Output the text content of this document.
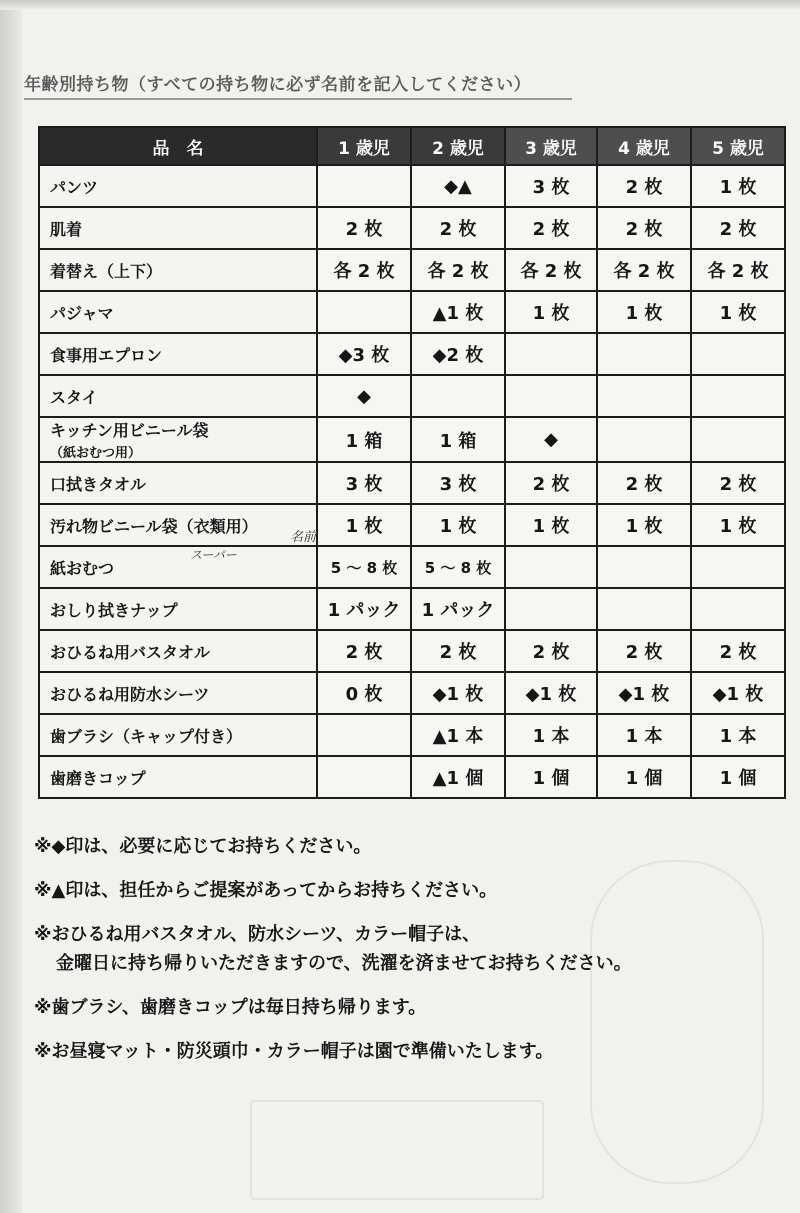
年齢別持ち物（すべての持ち物に必ず名前を記入してください）
品　名	1 歳児	2 歳児	3 歳児	4 歳児	5 歳児
パンツ		◆▲	3 枚	2 枚	1 枚
肌着	2 枚	2 枚	2 枚	2 枚	2 枚
着替え（上下）	各 2 枚	各 2 枚	各 2 枚	各 2 枚	各 2 枚
パジャマ		▲1 枚	1 枚	1 枚	1 枚
食事用エプロン	◆3 枚	◆2 枚			
スタイ	◆				
キッチン用ビニール袋
（紙おむつ用）	1 箱	1 箱	◆		
口拭きタオル	3 枚	3 枚	2 枚	2 枚	2 枚
汚れ物ビニール袋（衣類用）	1 枚	1 枚	1 枚	1 枚	1 枚
紙おむつ	5 〜 8 枚	5 〜 8 枚			
おしり拭きナップ	1 パック	1 パック			
おひるね用バスタオル	2 枚	2 枚	2 枚	2 枚	2 枚
おひるね用防水シーツ	0 枚	◆1 枚	◆1 枚	◆1 枚	◆1 枚
歯ブラシ（キャップ付き）		▲1 本	1 本	1 本	1 本
歯磨きコップ		▲1 個	1 個	1 個	1 個
名前
スーパー
※◆印は、必要に応じてお持ちください。
※▲印は、担任からご提案があってからお持ちください。
※おひるね用バスタオル、防水シーツ、カラー帽子は、
金曜日に持ち帰りいただきますので、洗濯を済ませてお持ちください。
※歯ブラシ、歯磨きコップは毎日持ち帰ります。
※お昼寝マット・防災頭巾・カラー帽子は園で準備いたします。
